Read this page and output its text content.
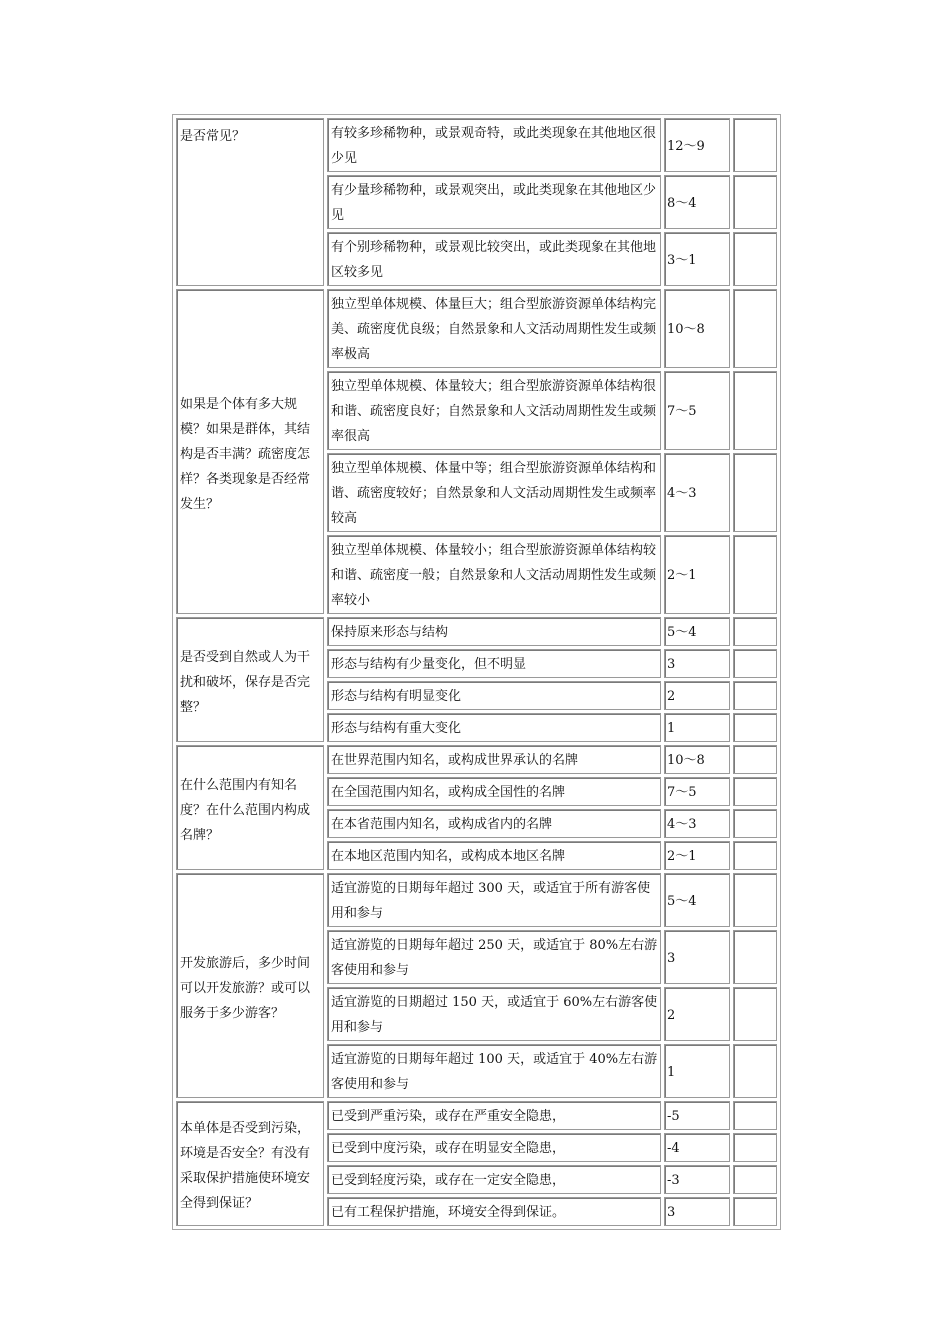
是否常见？	有较多珍稀物种，或景观奇特，或此类现象在其他地区很少见	12～9	
	有少量珍稀物种，或景观突出，或此类现象在其他地区少见	8～4	
	有个别珍稀物种，或景观比较突出，或此类现象在其他地区较多见	3～1	
如果是个体有多大规模？如果是群体，其结构是否丰满？疏密度怎样？各类现象是否经常发生？	独立型单体规模、体量巨大；组合型旅游资源单体结构完美、疏密度优良级；自然景象和人文活动周期性发生或频率极高	10～8	
	独立型单体规模、体量较大；组合型旅游资源单体结构很和谐、疏密度良好；自然景象和人文活动周期性发生或频率很高	7～5	
	独立型单体规模、体量中等；组合型旅游资源单体结构和谐、疏密度较好；自然景象和人文活动周期性发生或频率较高	4～3	
	独立型单体规模、体量较小；组合型旅游资源单体结构较和谐、疏密度一般；自然景象和人文活动周期性发生或频率较小	2～1	
是否受到自然或人为干扰和破坏，保存是否完整？	保持原来形态与结构	5～4	
	形态与结构有少量变化，但不明显	3	
	形态与结构有明显变化	2	
	形态与结构有重大变化	1	
在什么范围内有知名度？在什么范围内构成名牌？	在世界范围内知名，或构成世界承认的名牌	10～8	
	在全国范围内知名，或构成全国性的名牌	7～5	
	在本省范围内知名，或构成省内的名牌	4～3	
	在本地区范围内知名，或构成本地区名牌	2～1	
开发旅游后，多少时间可以开发旅游？或可以服务于多少游客？	适宜游览的日期每年超过 300 天，或适宜于所有游客使用和参与	5～4	
	适宜游览的日期每年超过 250 天，或适宜于 80%左右游客使用和参与	3	
	适宜游览的日期超过 150 天，或适宜于 60%左右游客使用和参与	2	
	适宜游览的日期每年超过 100 天，或适宜于 40%左右游客使用和参与	1	
本单体是否受到污染，环境是否安全？有没有采取保护措施使环境安全得到保证？	已受到严重污染，或存在严重安全隐患，	-5	
	已受到中度污染，或存在明显安全隐患，	-4	
	已受到轻度污染，或存在一定安全隐患，	-3	
	已有工程保护措施，环境安全得到保证。	3	
